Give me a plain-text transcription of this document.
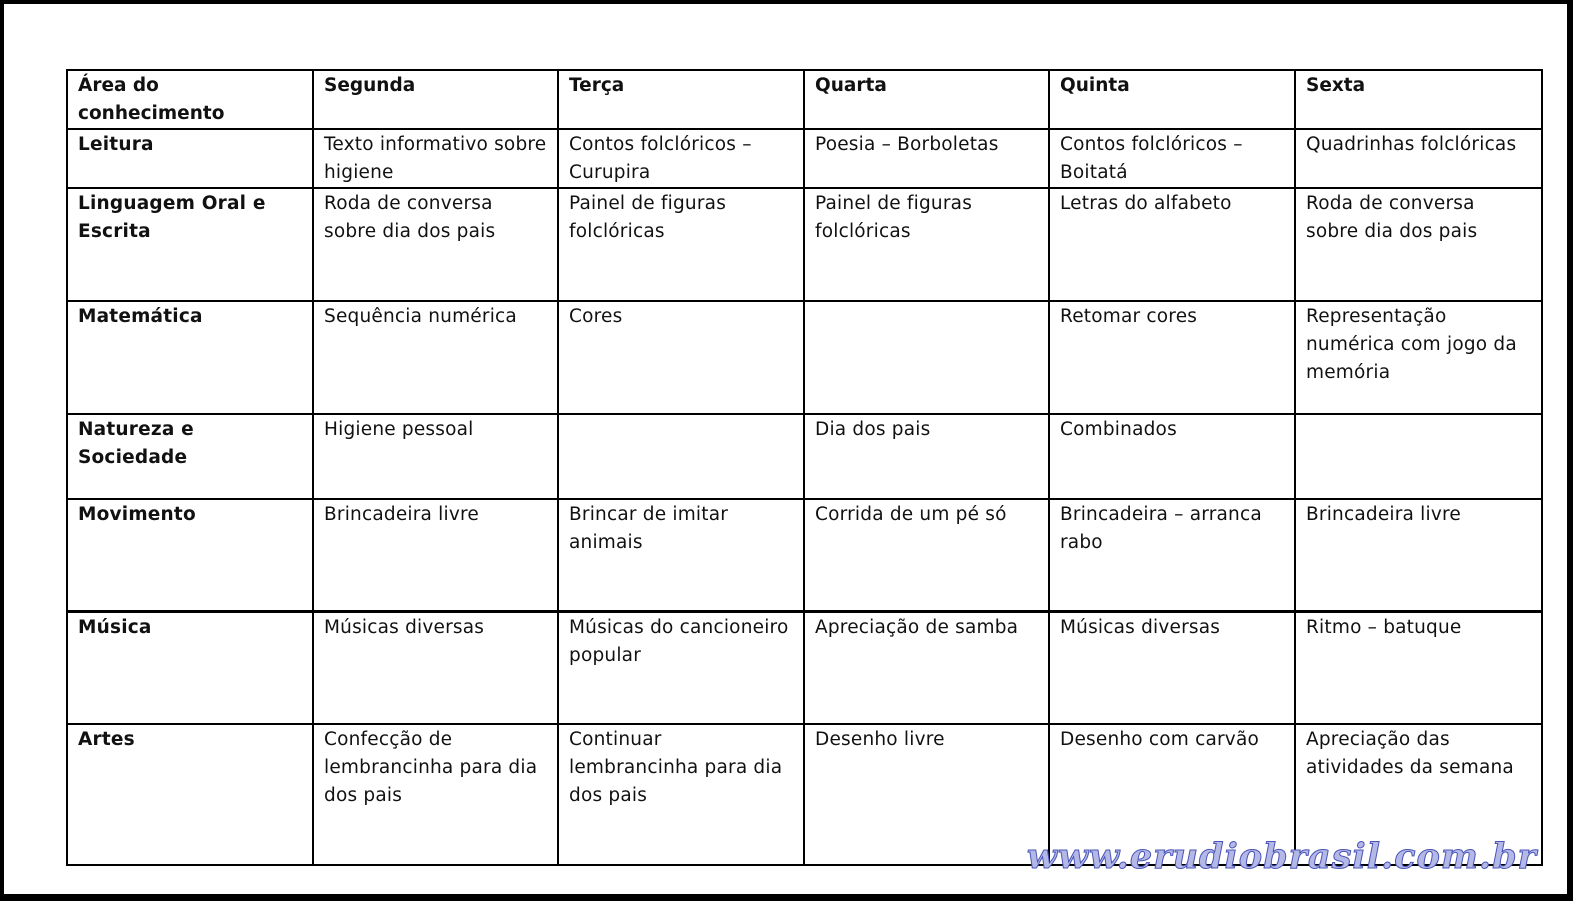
Área do conhecimento	Segunda	Terça	Quarta	Quinta	Sexta
Leitura	Texto informativo sobre higiene	Contos folclóricos – Curupira	Poesia – Borboletas	Contos folclóricos – Boitatá	Quadrinhas folclóricas
Linguagem Oral e Escrita	Roda de conversa sobre dia dos pais	Painel de figuras folclóricas	Painel de figuras folclóricas	Letras do alfabeto	Roda de conversa sobre dia dos pais
Matemática	Sequência numérica	Cores		Retomar cores	Representação numérica com jogo da memória
Natureza e Sociedade	Higiene pessoal		Dia dos pais	Combinados	
Movimento	Brincadeira livre	Brincar de imitar animais	Corrida de um pé só	Brincadeira – arranca rabo	Brincadeira livre
Música	Músicas diversas	Músicas do cancioneiro popular	Apreciação de samba	Músicas diversas	Ritmo – batuque
Artes	Confecção de lembrancinha para dia dos pais	Continuar lembrancinha para dia dos pais	Desenho livre	Desenho com carvão	Apreciação das atividades da semana
www.erudiobrasil.com.br
